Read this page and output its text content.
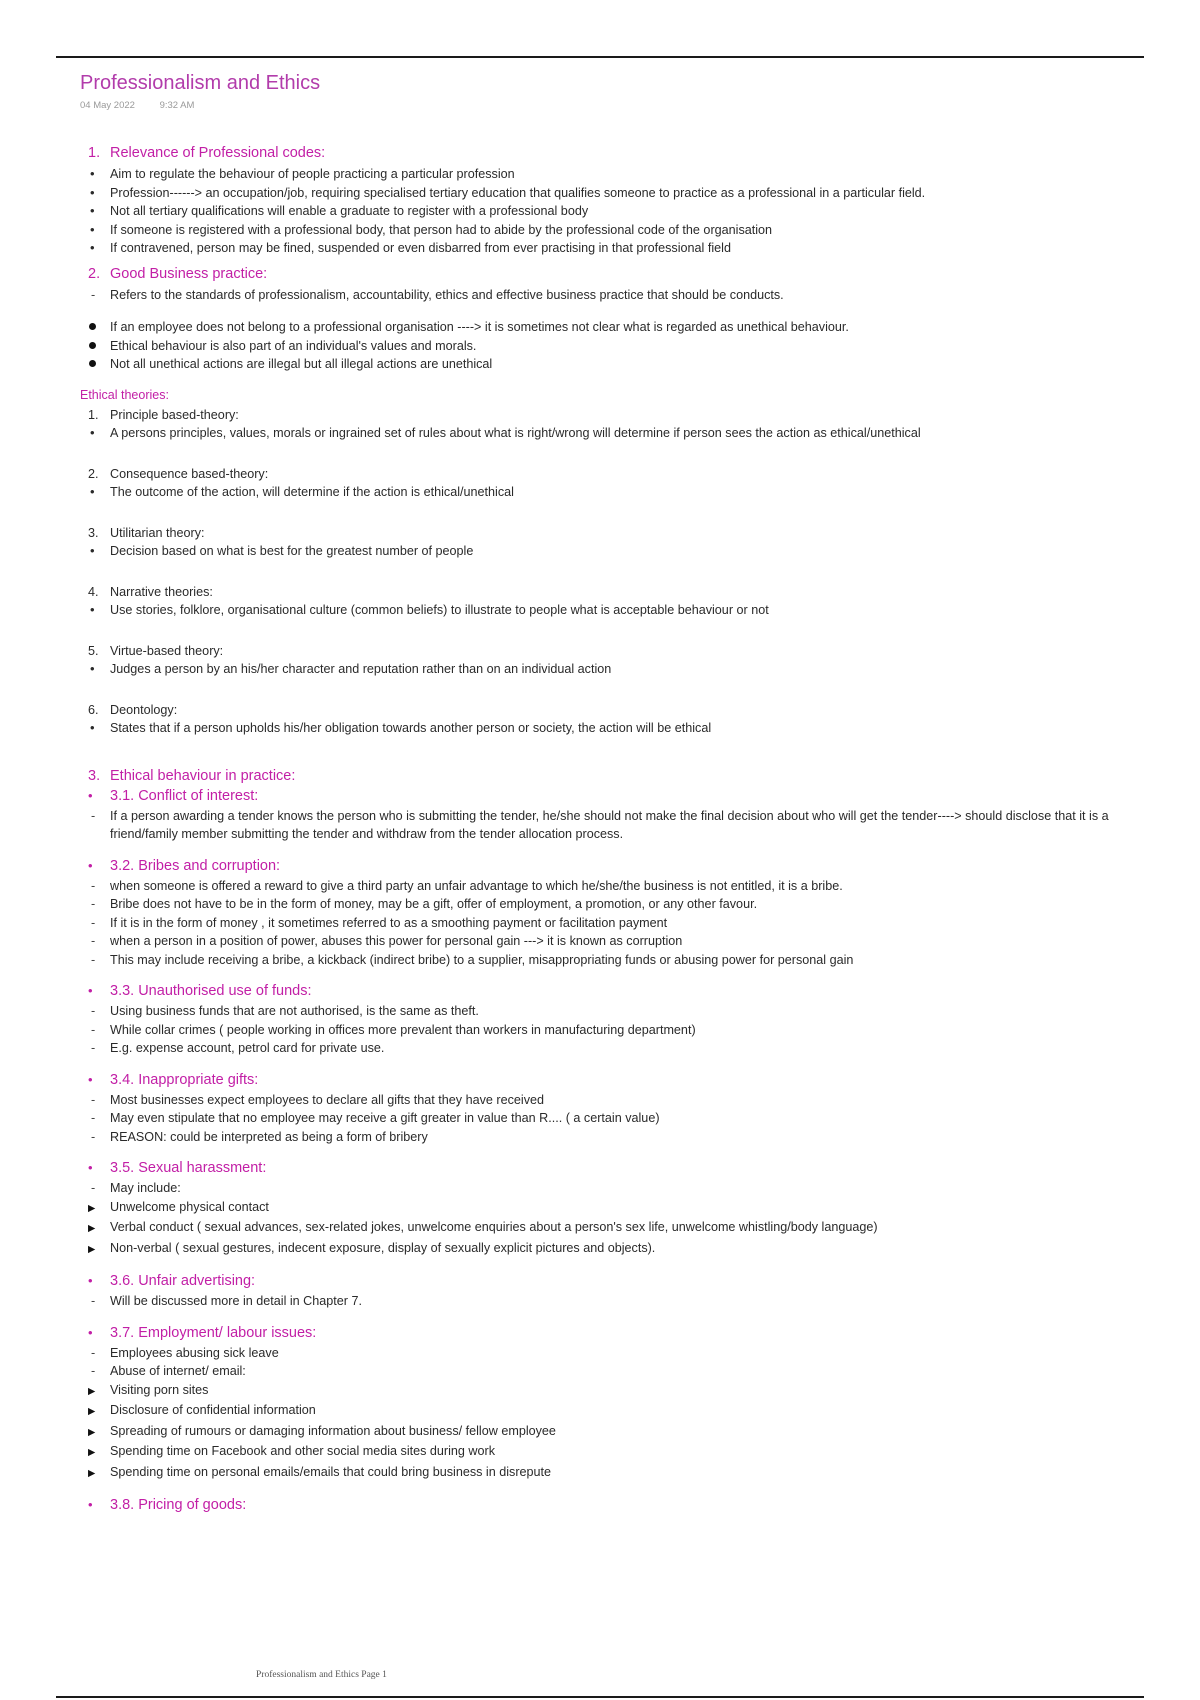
Professionalism and Ethics
04 May 2022	9:32 AM
1. Relevance of Professional codes:
•
Aim to regulate the behaviour of people practicing a particular profession
•
Profession------> an occupation/job, requiring specialised tertiary education that qualifies someone to practice as a professional in a particular field.
•
Not all tertiary qualifications will enable a graduate to register with a professional body
•
If someone is registered with a professional body, that person had to abide by the professional code of the organisation
•
If contravened, person may be fined, suspended or even disbarred from ever practising in that professional field
2. Good Business practice:
-
Refers to the standards of professionalism, accountability, ethics and effective business practice that should be conducts.
If an employee does not belong to a professional organisation ----> it is sometimes not clear what is regarded as unethical behaviour.
Ethical behaviour is also part of an individual's values and morals.
Not all unethical actions are illegal but all illegal actions are unethical
Ethical theories:
1. Principle based-theory:
•
A persons principles, values, morals or ingrained set of rules about what is right/wrong will determine if person sees the action as ethical/unethical
2. Consequence based-theory:
•
The outcome of the action, will determine if the action is ethical/unethical
3. Utilitarian theory:
•
Decision based on what is best for the greatest number of people
4. Narrative theories:
•
Use stories, folklore, organisational culture (common beliefs) to illustrate to people what is acceptable behaviour or not
5. Virtue-based theory:
•
Judges a person by an his/her character and reputation rather than on an individual action
6. Deontology:
•
States that if a person upholds his/her obligation towards another person or society, the action will be ethical
3. Ethical behaviour in practice:
•	3.1. Conflict of interest:
-
If a person awarding a tender knows the person who is submitting the tender, he/she should not make the final decision about who will get the tender----> should disclose that it is a friend/family member submitting the tender and withdraw from the tender allocation process.
•	3.2. Bribes and corruption:
-
when someone is offered a reward to give a third party an unfair advantage to which he/she/the business is not entitled, it is a bribe.
-
Bribe does not have to be in the form of money, may be a gift, offer of employment, a promotion, or any other favour.
-
If it is in the form of money , it sometimes referred to as a smoothing payment or facilitation payment
-
when a person in a position of power, abuses this power for personal gain ---> it is known as corruption
-
This may include receiving a bribe, a kickback (indirect bribe) to a supplier, misappropriating funds or abusing power for personal gain
•	3.3. Unauthorised use of funds:
-
Using business funds that are not authorised, is the same as theft.
-
While collar crimes ( people working in offices more prevalent than workers in manufacturing department)
-
E.g. expense account, petrol card for private use.
•	3.4. Inappropriate gifts:
-
Most businesses expect employees to declare all gifts that they have received
-
May even stipulate that no employee may receive a gift greater in value than R.... ( a certain value)
-
REASON: could be interpreted as being a form of bribery
•	3.5. Sexual harassment:
-
May include:
▶
Unwelcome physical contact
▶
Verbal conduct ( sexual advances, sex-related jokes, unwelcome enquiries about a person's sex life, unwelcome whistling/body language)
▶
Non-verbal ( sexual gestures, indecent exposure, display of sexually explicit pictures and objects).
•	3.6. Unfair advertising:
-
Will be discussed more in detail in Chapter 7.
•	3.7. Employment/ labour issues:
-
Employees abusing sick leave
-
Abuse of internet/ email:
▶
Visiting porn sites
▶
Disclosure of confidential information
▶
Spreading of rumours or damaging information about business/ fellow employee
▶
Spending time on Facebook and other social media sites during work
▶
Spending time on personal emails/emails that could bring business in disrepute
•	3.8. Pricing of goods:
Professionalism and Ethics Page 1
